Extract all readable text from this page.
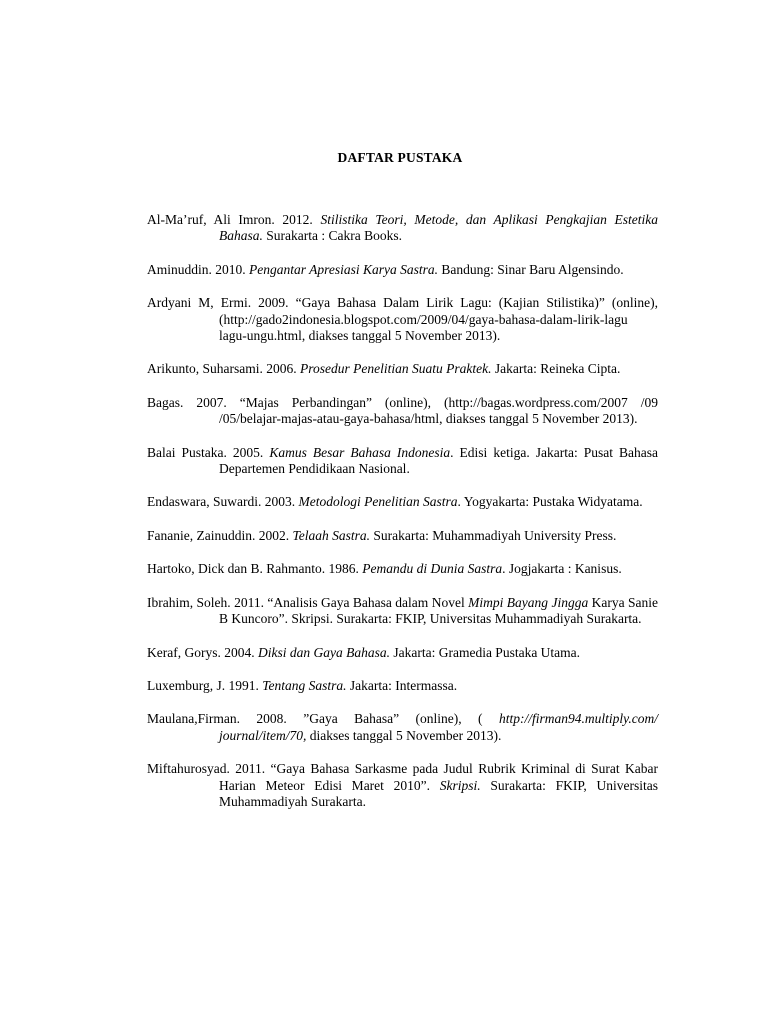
DAFTAR PUSTAKA
Al-Ma’ruf, Ali Imron. 2012. Stilistika Teori, Metode, dan Aplikasi Pengkajian Estetika Bahasa. Surakarta : Cakra Books.
Aminuddin. 2010. Pengantar Apresiasi Karya Sastra. Bandung: Sinar Baru Algensindo.
Ardyani M, Ermi. 2009. “Gaya Bahasa Dalam Lirik Lagu: (Kajian Stilistika)” (online), (http://gado2indonesia.blogspot.com/2009/04/gaya-bahasa-dalam-lirik-lagu lagu-ungu.html, diakses tanggal 5 November 2013).
Arikunto, Suharsami. 2006. Prosedur Penelitian Suatu Praktek. Jakarta: Reineka Cipta.
Bagas. 2007. “Majas Perbandingan” (online), (http://bagas.wordpress.com/2007 /09 /05/belajar-majas-atau-gaya-bahasa/html, diakses tanggal 5 November 2013).
Balai Pustaka. 2005. Kamus Besar Bahasa Indonesia. Edisi ketiga. Jakarta: Pusat Bahasa Departemen Pendidikaan Nasional.
Endaswara, Suwardi. 2003. Metodologi Penelitian Sastra. Yogyakarta: Pustaka Widyatama.
Fananie, Zainuddin. 2002. Telaah Sastra. Surakarta: Muhammadiyah University Press.
Hartoko, Dick dan B. Rahmanto. 1986. Pemandu di Dunia Sastra. Jogjakarta : Kanisus.
Ibrahim, Soleh. 2011. “Analisis Gaya Bahasa dalam Novel Mimpi Bayang Jingga Karya Sanie B Kuncoro”. Skripsi. Surakarta: FKIP, Universitas Muhammadiyah Surakarta.
Keraf, Gorys. 2004. Diksi dan Gaya Bahasa. Jakarta: Gramedia Pustaka Utama.
Luxemburg, J. 1991. Tentang Sastra. Jakarta: Intermassa.
Maulana,Firman. 2008. ”Gaya Bahasa” (online), ( http://firman94.multiply.com/ journal/item/70, diakses tanggal 5 November 2013).
Miftahurosyad. 2011. “Gaya Bahasa Sarkasme pada Judul Rubrik Kriminal di Surat Kabar Harian Meteor Edisi Maret 2010”. Skripsi. Surakarta: FKIP, Universitas Muhammadiyah Surakarta.
